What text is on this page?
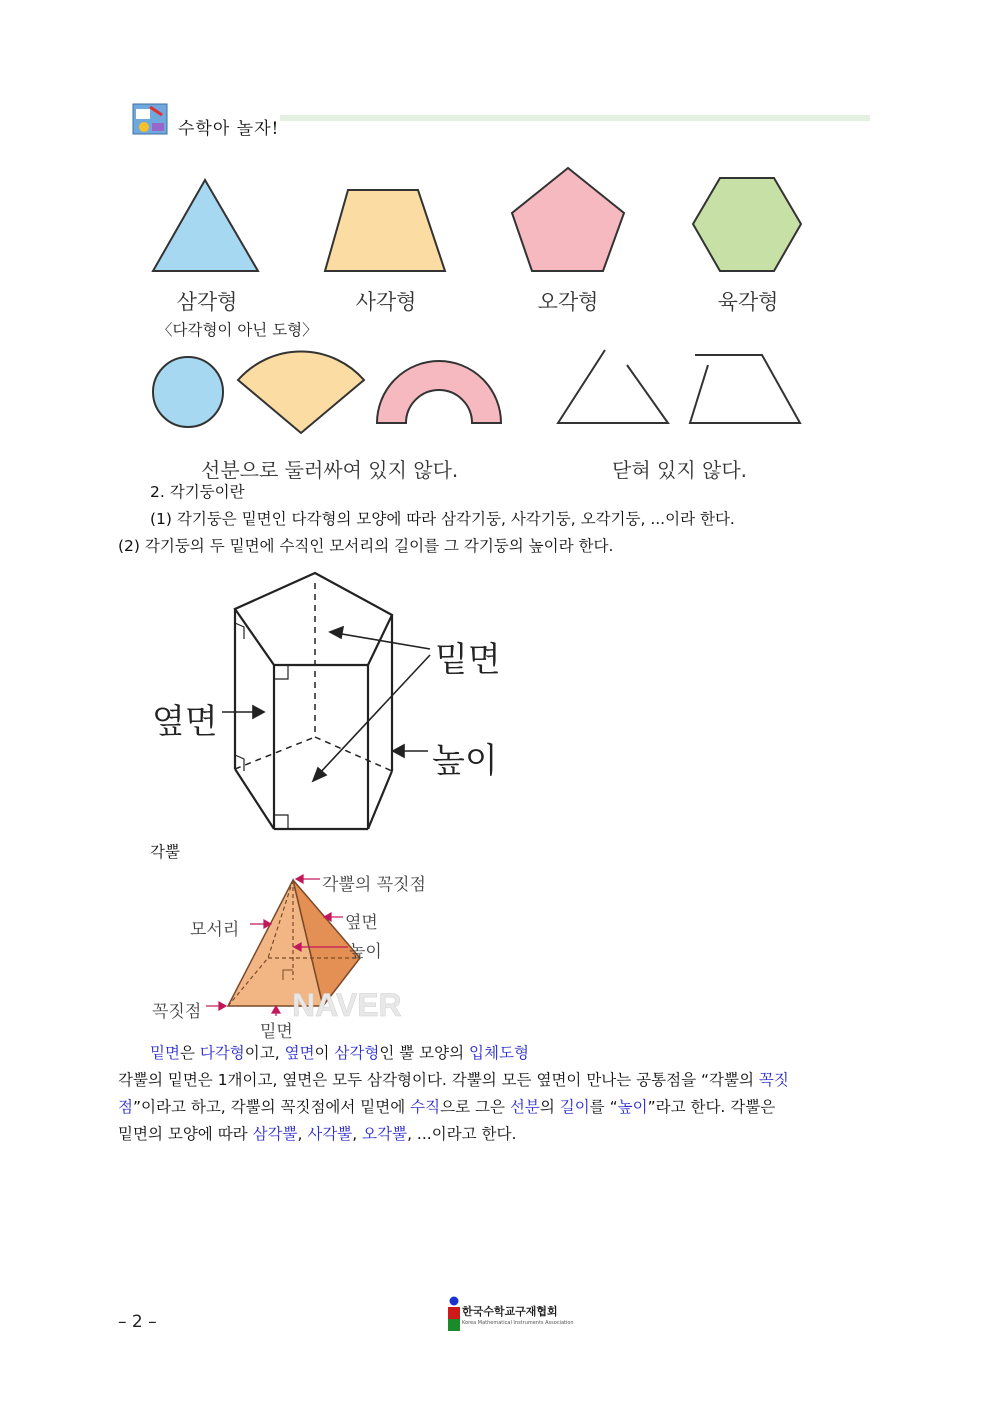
수학아 놀자!
삼각형	사각형	오각형	육각형
〈다각형이 아닌 도형〉
선분으로 둘러싸여 있지 않다.	닫혀 있지 않다.
2. 각기둥이란
(1) 각기둥은 밑면인 다각형의 모양에 따라 삼각기둥, 사각기둥, 오각기둥, ...이라 한다.
(2) 각기둥의 두 밑면에 수직인 모서리의 길이를 그 각기둥의 높이라 한다.
밑면
옆면
높이
각뿔
NAVER
각뿔의 꼭짓점
옆면
모서리
높이
꼭짓점
밑면
밑면은 다각형이고, 옆면이 삼각형인 뿔 모양의 입체도형
각뿔의 밑면은 1개이고, 옆면은 모두 삼각형이다. 각뿔의 모든 옆면이 만나는 공통점을 “각뿔의 꼭짓
점”이라고 하고, 각뿔의 꼭짓점에서 밑면에 수직으로 그은 선분의 길이를 “높이”라고 한다. 각뿔은
밑면의 모양에 따라 삼각뿔, 사각뿔, 오각뿔, ...이라고 한다.
– 2 –
한국수학교구재협회
Korea Mathematical Instruments Association
